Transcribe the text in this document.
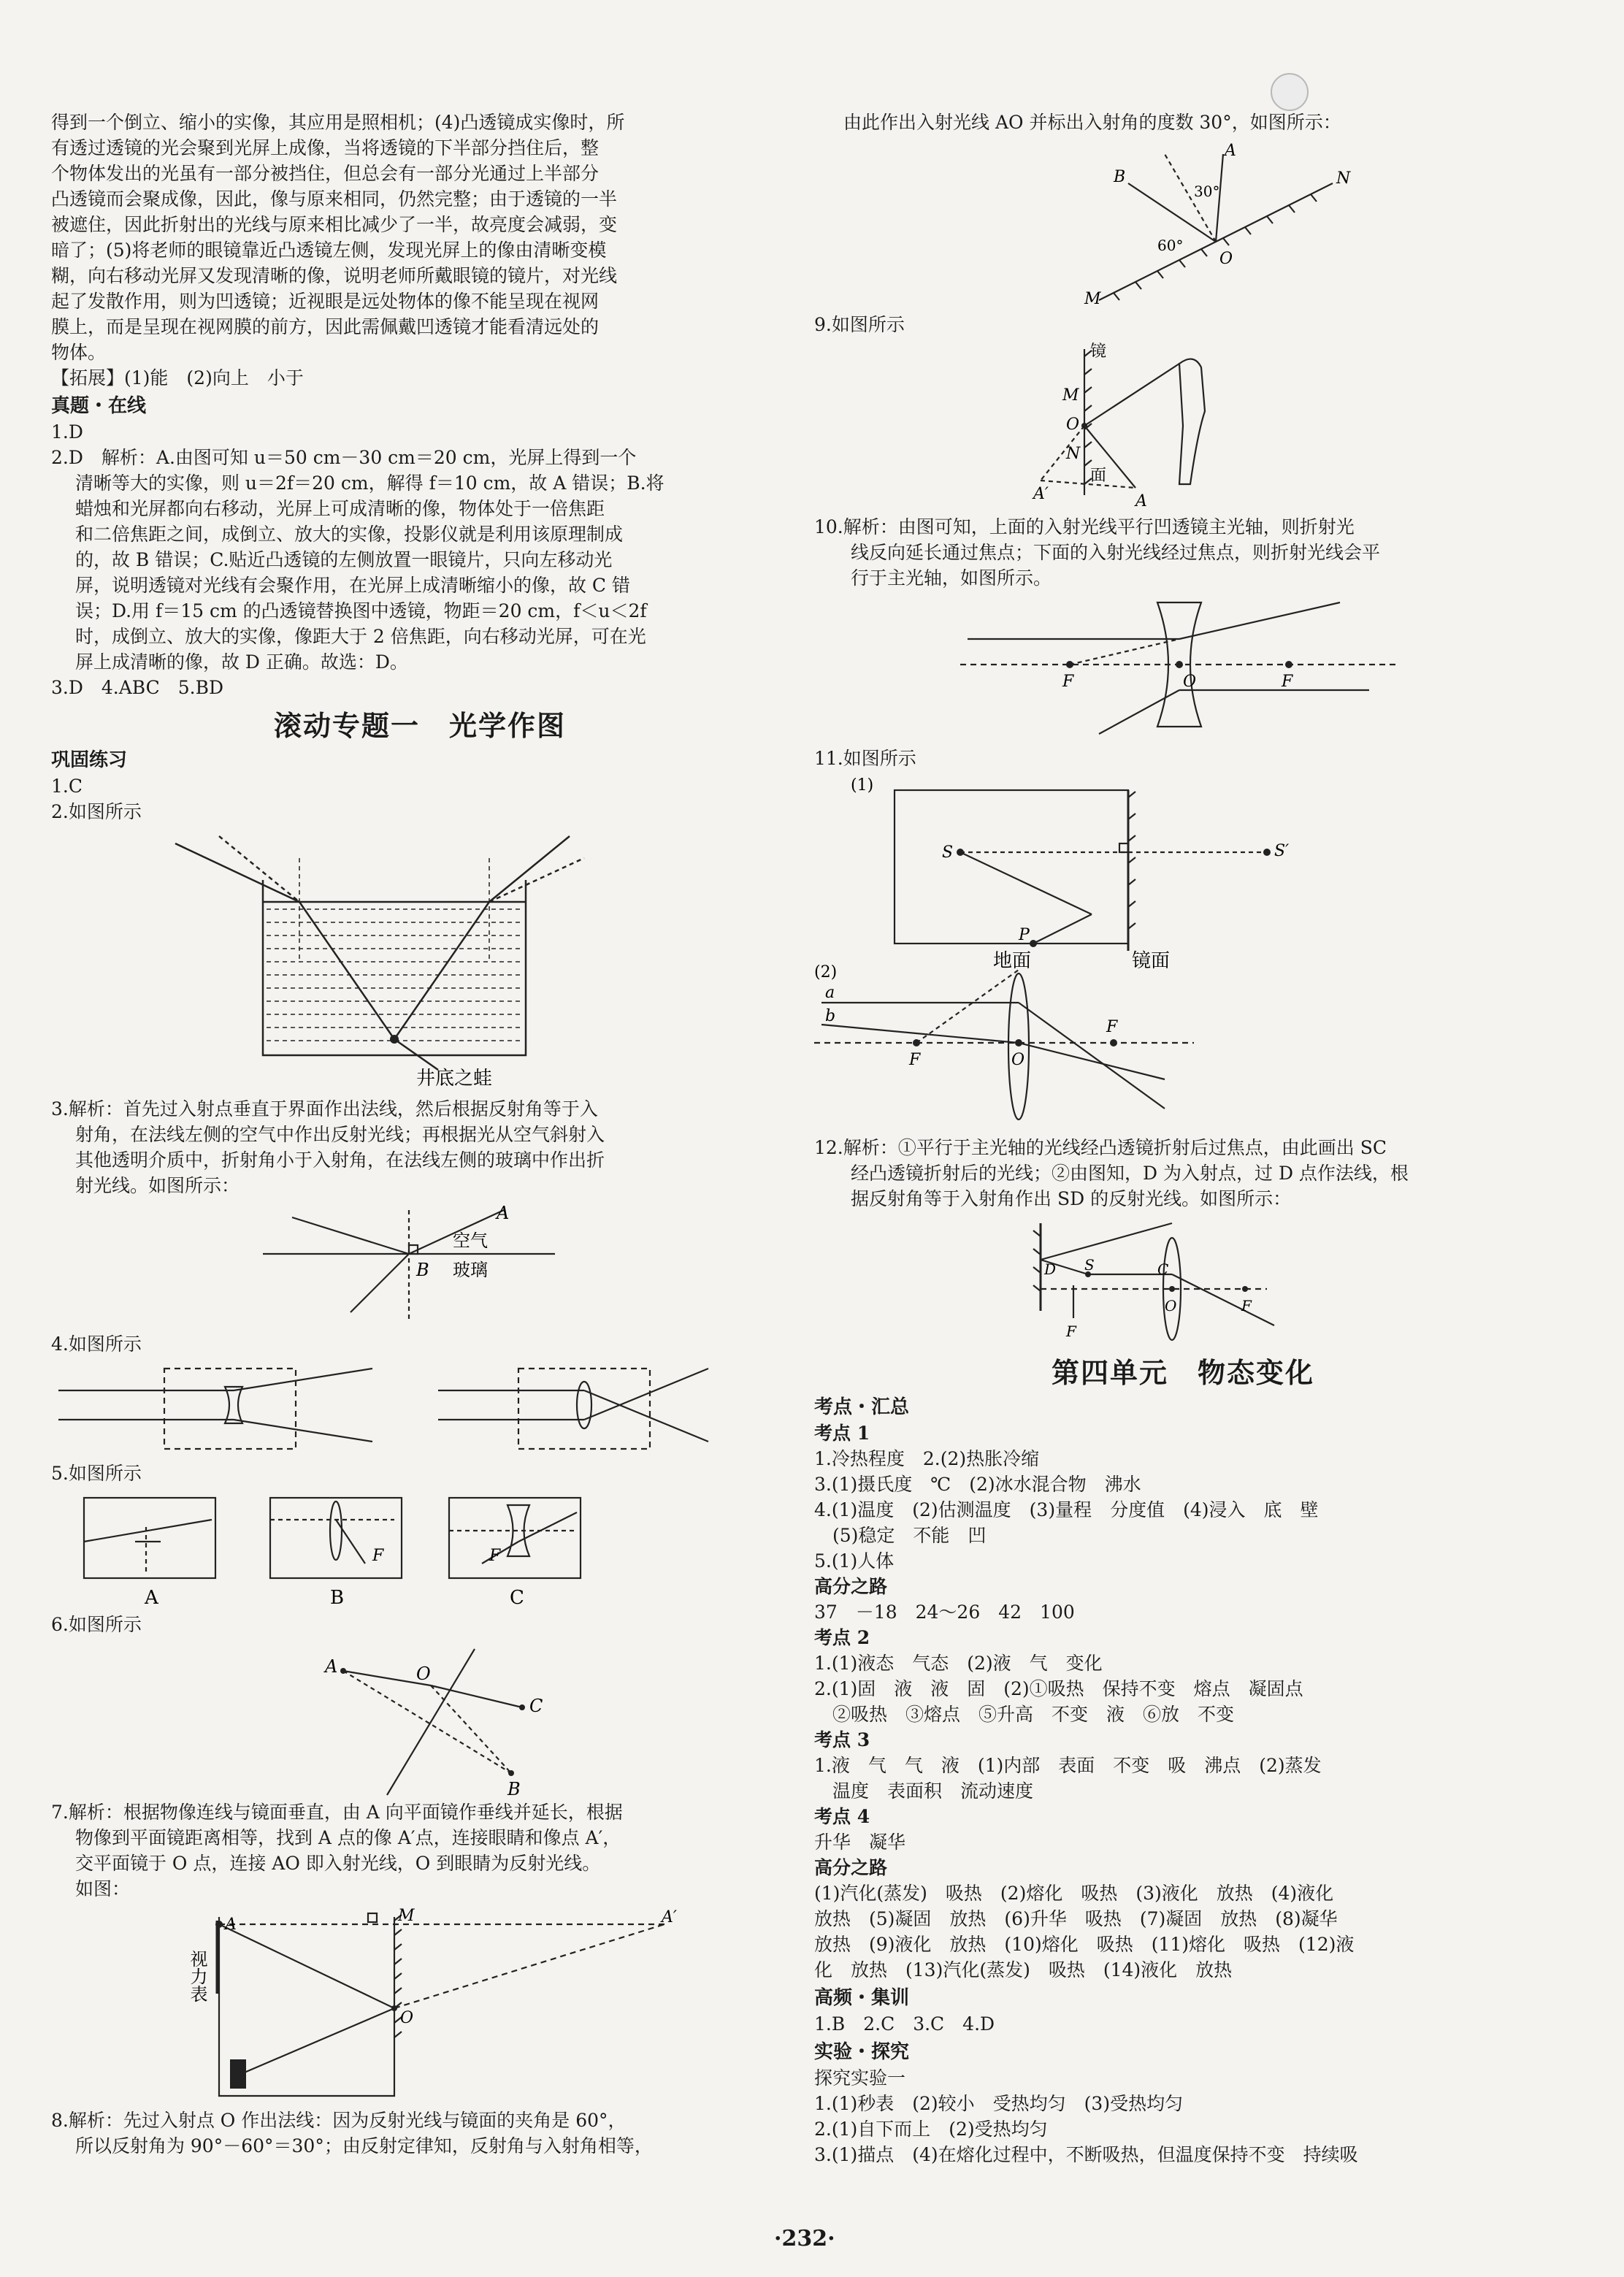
得到一个倒立、缩小的实像，其应用是照相机；(4)凸透镜成实像时，所

有透过透镜的光会聚到光屏上成像，当将透镜的下半部分挡住后，整

个物体发出的光虽有一部分被挡住，但总会有一部分光通过上半部分

凸透镜而会聚成像，因此，像与原来相同，仍然完整；由于透镜的一半

被遮住，因此折射出的光线与原来相比减少了一半，故亮度会减弱，变

暗了；(5)将老师的眼镜靠近凸透镜左侧，发现光屏上的像由清晰变模

糊，向右移动光屏又发现清晰的像，说明老师所戴眼镜的镜片，对光线

起了发散作用，则为凹透镜；近视眼是远处物体的像不能呈现在视网

膜上，而是呈现在视网膜的前方，因此需佩戴凹透镜才能看清远处的

物体。

【拓展】(1)能　(2)向上　小于

真题・在线

1.D

2.D　解析：A.由图可知 u＝50 cm－30 cm＝20 cm，光屏上得到一个

　 清晰等大的实像，则 u＝2f＝20 cm，解得 f＝10 cm，故 A 错误；B.将

　 蜡烛和光屏都向右移动，光屏上可成清晰的像，物体处于一倍焦距

　 和二倍焦距之间，成倒立、放大的实像，投影仪就是利用该原理制成

　 的，故 B 错误；C.贴近凸透镜的左侧放置一眼镜片，只向左移动光

　 屏，说明透镜对光线有会聚作用，在光屏上成清晰缩小的像，故 C 错

　 误；D.用 f＝15 cm 的凸透镜替换图中透镜，物距＝20 cm，f＜u＜2f

　 时，成倒立、放大的实像，像距大于 2 倍焦距，向右移动光屏，可在光

　 屏上成清晰的像，故 D 正确。故选：D。

3.D　4.ABC　5.BD

滚动专题一　光学作图

巩固练习

1.C

2.如图所示

井底之蛙

3.解析：首先过入射点垂直于界面作出法线，然后根据反射角等于入

　 射角，在法线左侧的空气中作出反射光线；再根据光从空气斜射入

　 其他透明介质中，折射角小于入射角，在法线左侧的玻璃中作出折

　 射光线。如图所示：

A
B
空气
玻璃

4.如图所示

5.如图所示

F	F
A	B	C

6.如图所示

A	O
C
B

7.解析：根据物像连线与镜面垂直，由 A 向平面镜作垂线并延长，根据

　 物像到平面镜距离相等，找到 A 点的像 A′点，连接眼睛和像点 A′，

　 交平面镜于 O 点，连接 AO 即入射光线，O 到眼睛为反射光线。

　 如图：

A	M	A′
O
视力表

8.解析：先过入射点 O 作出法线：因为反射光线与镜面的夹角是 60°，

　 所以反射角为 90°－60°＝30°；由反射定律知，反射角与入射角相等，

由此作出入射光线 AO 并标出入射角的度数 30°，如图所示：

A
B	N
M
O
30°
60°

9.如图所示

镜
面
M
O
N
A′	A

10.解析：由图可知，上面的入射光线平行凹透镜主光轴，则折射光

　　线反向延长通过焦点；下面的入射光线经过焦点，则折射光线会平

　　行于主光轴，如图所示。

F	O	F

11.如图所示

(1)
S	S′
P
地面	镜面
(2)
a
b
F	O
F

12.解析：①平行于主光轴的光线经凸透镜折射后过焦点，由此画出 SC

　　经凸透镜折射后的光线；②由图知，D 为入射点，过 D 点作法线，根

　　据反射角等于入射角作出 SD 的反射光线。如图所示：

D S	C
F
O	F
第四单元　物态变化

考点・汇总

考点 1

1.冷热程度　2.(2)热胀冷缩

3.(1)摄氏度　℃　(2)冰水混合物　沸水

4.(1)温度　(2)估测温度　(3)量程　分度值　(4)浸入　底　壁

　(5)稳定　不能　凹

5.(1)人体

高分之路

37　－18　24～26　42　100

考点 2

1.(1)液态　气态　(2)液　气　变化

2.(1)固　液　液　固　(2)①吸热　保持不变　熔点　凝固点

　②吸热　③熔点　⑤升高　不变　液　⑥放　不变

考点 3

1.液　气　气　液　(1)内部　表面　不变　吸　沸点　(2)蒸发

　温度　表面积　流动速度

考点 4

升华　凝华

高分之路

(1)汽化(蒸发)　吸热　(2)熔化　吸热　(3)液化　放热　(4)液化

放热　(5)凝固　放热　(6)升华　吸热　(7)凝固　放热　(8)凝华

放热　(9)液化　放热　(10)熔化　吸热　(11)熔化　吸热　(12)液

化　放热　(13)汽化(蒸发)　吸热　(14)液化　放热

高频・集训

1.B　2.C　3.C　4.D

实验・探究

探究实验一

1.(1)秒表　(2)较小　受热均匀　(3)受热均匀

2.(1)自下而上　(2)受热均匀

3.(1)描点　(4)在熔化过程中，不断吸热，但温度保持不变　持续吸

·232·
